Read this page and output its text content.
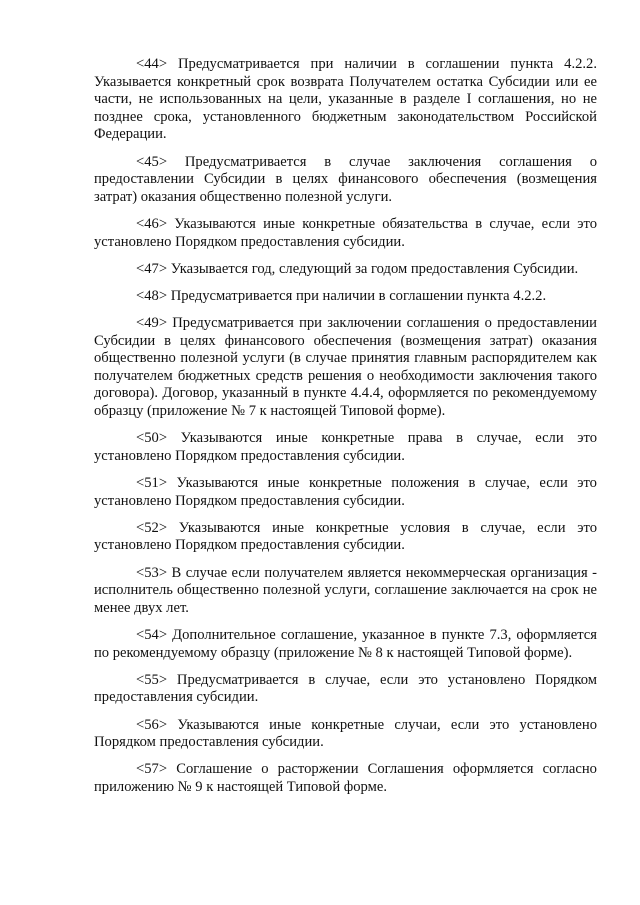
<44> Предусматривается при наличии в соглашении пункта 4.2.2. Указывается конкретный срок возврата Получателем остатка Субсидии или ее части, не использованных на цели, указанные в разделе I соглашения, но не позднее срока, установленного бюджетным законодательством Российской Федерации.

<45> Предусматривается в случае заключения соглашения о предоставлении Субсидии в целях финансового обеспечения (возмещения затрат) оказания общественно полезной услуги.

<46> Указываются иные конкретные обязательства в случае, если это установлено Порядком предоставления субсидии.

<47> Указывается год, следующий за годом предоставления Субсидии.

<48> Предусматривается при наличии в соглашении пункта 4.2.2.

<49> Предусматривается при заключении соглашения о предоставлении Субсидии в целях финансового обеспечения (возмещения затрат) оказания общественно полезной услуги (в случае принятия главным распорядителем как получателем бюджетных средств решения о необходимости заключения такого договора). Договор, указанный в пункте 4.4.4, оформляется по рекомендуемому образцу (приложение № 7 к настоящей Типовой форме).

<50> Указываются иные конкретные права в случае, если это установлено Порядком предоставления субсидии.

<51> Указываются иные конкретные положения в случае, если это установлено Порядком предоставления субсидии.

<52> Указываются иные конкретные условия в случае, если это установлено Порядком предоставления субсидии.

<53> В случае если получателем является некоммерческая организация - исполнитель общественно полезной услуги, соглашение заключается на срок не менее двух лет.

<54> Дополнительное соглашение, указанное в пункте 7.3, оформляется по рекомендуемому образцу (приложение № 8 к настоящей Типовой форме).

<55> Предусматривается в случае, если это установлено Порядком предоставления субсидии.

<56> Указываются иные конкретные случаи, если это установлено Порядком предоставления субсидии.

<57> Соглашение о расторжении Соглашения оформляется согласно приложению № 9 к настоящей Типовой форме.
